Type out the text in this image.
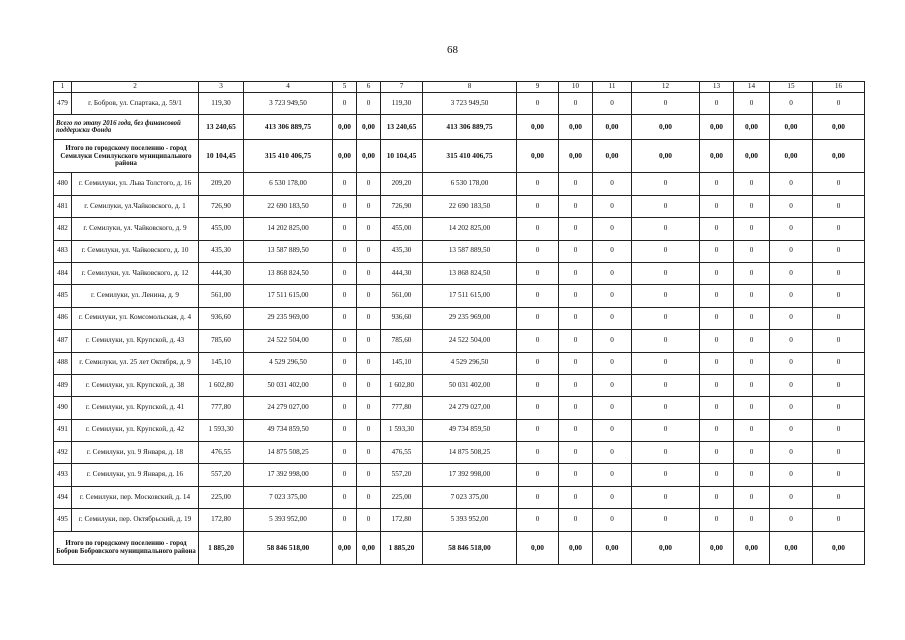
68
1	2	3	4	5	6	7	8	9	10	11	12	13	14	15	16
479	г. Бобров, ул. Спартака, д. 59/1	119,30	3 723 949,50	0	0	119,30	3 723 949,50	0	0	0	0	0	0	0	0
Всего по этапу 2016 года, без финансовой поддержки Фонда		13 240,65	413 306 889,75	0,00	0,00	13 240,65	413 306 889,75	0,00	0,00	0,00	0,00	0,00	0,00	0,00	0,00
Итого по городскому поселению - город Семилуки Семилукского муниципального района		10 104,45	315 410 406,75	0,00	0,00	10 104,45	315 410 406,75	0,00	0,00	0,00	0,00	0,00	0,00	0,00	0,00
480	г. Семилуки, ул. Льва Толстого, д. 16	209,20	6 530 178,00	0	0	209,20	6 530 178,00	0	0	0	0	0	0	0	0
481	г. Семилуки, ул.Чайковского, д. 1	726,90	22 690 183,50	0	0	726,90	22 690 183,50	0	0	0	0	0	0	0	0
482	г. Семилуки, ул. Чайковского, д. 9	455,00	14 202 825,00	0	0	455,00	14 202 825,00	0	0	0	0	0	0	0	0
483	г. Семилуки, ул. Чайковского, д. 10	435,30	13 587 889,50	0	0	435,30	13 587 889,50	0	0	0	0	0	0	0	0
484	г. Семилуки, ул. Чайковского, д. 12	444,30	13 868 824,50	0	0	444,30	13 868 824,50	0	0	0	0	0	0	0	0
485	г. Семилуки, ул. Ленина, д. 9	561,00	17 511 615,00	0	0	561,00	17 511 615,00	0	0	0	0	0	0	0	0
486	г. Семилуки, ул. Комсомольская, д. 4	936,60	29 235 969,00	0	0	936,60	29 235 969,00	0	0	0	0	0	0	0	0
487	г. Семилуки, ул. Крупской, д. 43	785,60	24 522 504,00	0	0	785,60	24 522 504,00	0	0	0	0	0	0	0	0
488	г. Семилуки, ул. 25 лет Октября, д. 9	145,10	4 529 296,50	0	0	145,10	4 529 296,50	0	0	0	0	0	0	0	0
489	г. Семилуки, ул. Крупской, д. 38	1 602,80	50 031 402,00	0	0	1 602,80	50 031 402,00	0	0	0	0	0	0	0	0
490	г. Семилуки, ул. Крупской, д. 41	777,80	24 279 027,00	0	0	777,80	24 279 027,00	0	0	0	0	0	0	0	0
491	г. Семилуки, ул. Крупской, д. 42	1 593,30	49 734 859,50	0	0	1 593,30	49 734 859,50	0	0	0	0	0	0	0	0
492	г. Семилуки, ул. 9 Января, д. 18	476,55	14 875 508,25	0	0	476,55	14 875 508,25	0	0	0	0	0	0	0	0
493	г. Семилуки, ул. 9 Января, д. 16	557,20	17 392 998,00	0	0	557,20	17 392 998,00	0	0	0	0	0	0	0	0
494	г. Семилуки, пер. Московский, д. 14	225,00	7 023 375,00	0	0	225,00	7 023 375,00	0	0	0	0	0	0	0	0
495	г. Семилуки, пер. Октябрьский, д. 19	172,80	5 393 952,00	0	0	172,80	5 393 952,00	0	0	0	0	0	0	0	0
Итого по городскому поселению - город Бобров Бобровского муниципального района		1 885,20	58 846 518,00	0,00	0,00	1 885,20	58 846 518,00	0,00	0,00	0,00	0,00	0,00	0,00	0,00	0,00
